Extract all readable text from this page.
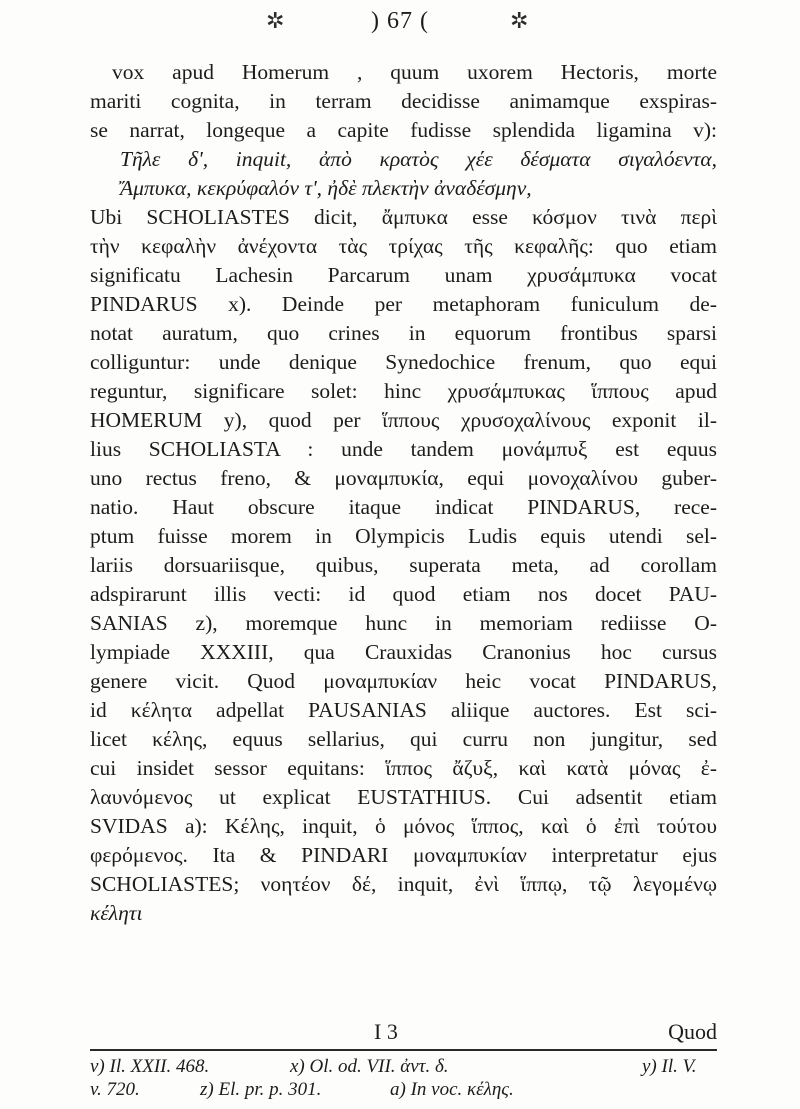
✲	) 67 (	✲
vox apud Homerum , quum uxorem Hectoris, morte
mariti cognita, in terram decidisse animamque exspiras-
se narrat, longeque a capite fudisse splendida ligamina v):
Τῆλε δ', inquit, ἀπὸ κρατὸς χέε δέσματα σιγαλόεντα,
Ἄμπυκα, κεκρύφαλόν τ', ἠδὲ πλεκτὴν ἀναδέσμην,
Ubi SCHOLIASTES dicit, ἄμπυκα esse κόσμον τινὰ περὶ
τὴν κεφαλὴν ἀνέχοντα τὰς τρίχας τῆς κεφαλῆς: quo etiam
significatu Lachesin Parcarum unam χρυσάμπυκα vocat
PINDARUS x). Deinde per metaphoram funiculum de-
notat auratum, quo crines in equorum frontibus sparsi
colliguntur: unde denique Synedochice frenum, quo equi
reguntur, significare solet: hinc χρυσάμπυκας ἵππους apud
HOMERUM y), quod per ἵππους χρυσοχαλίνους exponit il-
lius SCHOLIASTA : unde tandem μονάμπυξ est equus
uno rectus freno, & μοναμπυκία, equi μονοχαλίνου guber-
natio. Haut obscure itaque indicat PINDARUS, rece-
ptum fuisse morem in Olympicis Ludis equis utendi sel-
lariis dorsuariisque, quibus, superata meta, ad corollam
adspirarunt illis vecti: id quod etiam nos docet PAU-
SANIAS z), moremque hunc in memoriam rediisse O-
lympiade XXXIII, qua Crauxidas Cranonius hoc cursus
genere vicit. Quod μοναμπυκίαν heic vocat PINDARUS,
id κέλητα adpellat PAUSANIAS aliique auctores. Est sci-
licet κέλης, equus sellarius, qui curru non jungitur, sed
cui insidet sessor equitans: ἵππος ἄζυξ, καὶ κατὰ μόνας ἐ-
λαυνόμενος ut explicat EUSTATHIUS. Cui adsentit etiam
SVIDAS a): Κέλης, inquit, ὁ μόνος ἵππος, καὶ ὁ ἐπὶ τούτου
φερόμενος. Ita & PINDARI μοναμπυκίαν interpretatur ejus
SCHOLIASTES; νοητέον δέ, inquit, ἐνὶ ἵππῳ, τῷ λεγομένῳ
κέλητι
I 3	Quod
v) Il. XXII. 468.	x) Ol. od. VII. ἀντ. δ.	y) Il. V.
v. 720.	z) El. pr. p. 301.	a) In voc. κέλης.
